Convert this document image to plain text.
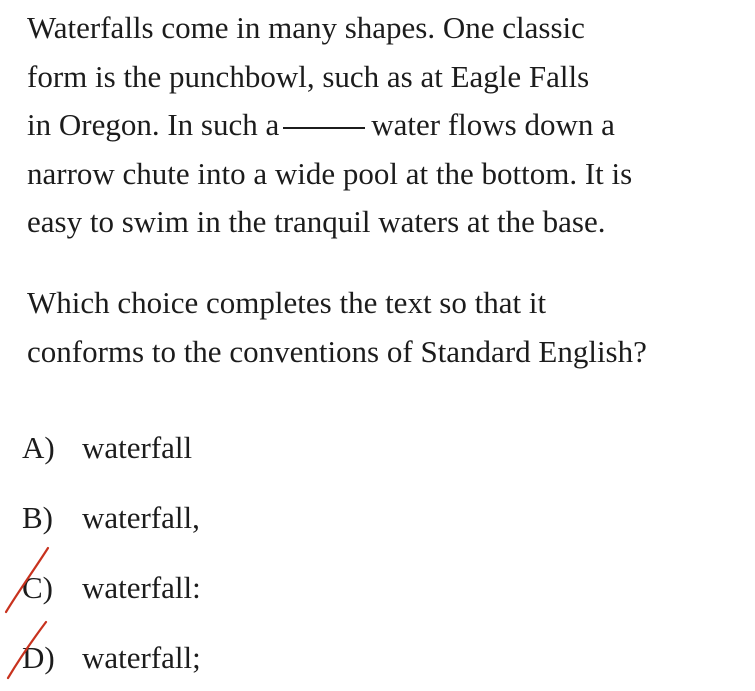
Waterfalls come in many shapes. One classic
form is the punchbowl, such as at Eagle Falls
in Oregon. In such a	water flows down a
narrow chute into a wide pool at the bottom. It is
easy to swim in the tranquil waters at the base.
Which choice completes the text so that it
conforms to the conventions of Standard English?
A) waterfall
B) waterfall,
C) waterfall:
D) waterfall;
